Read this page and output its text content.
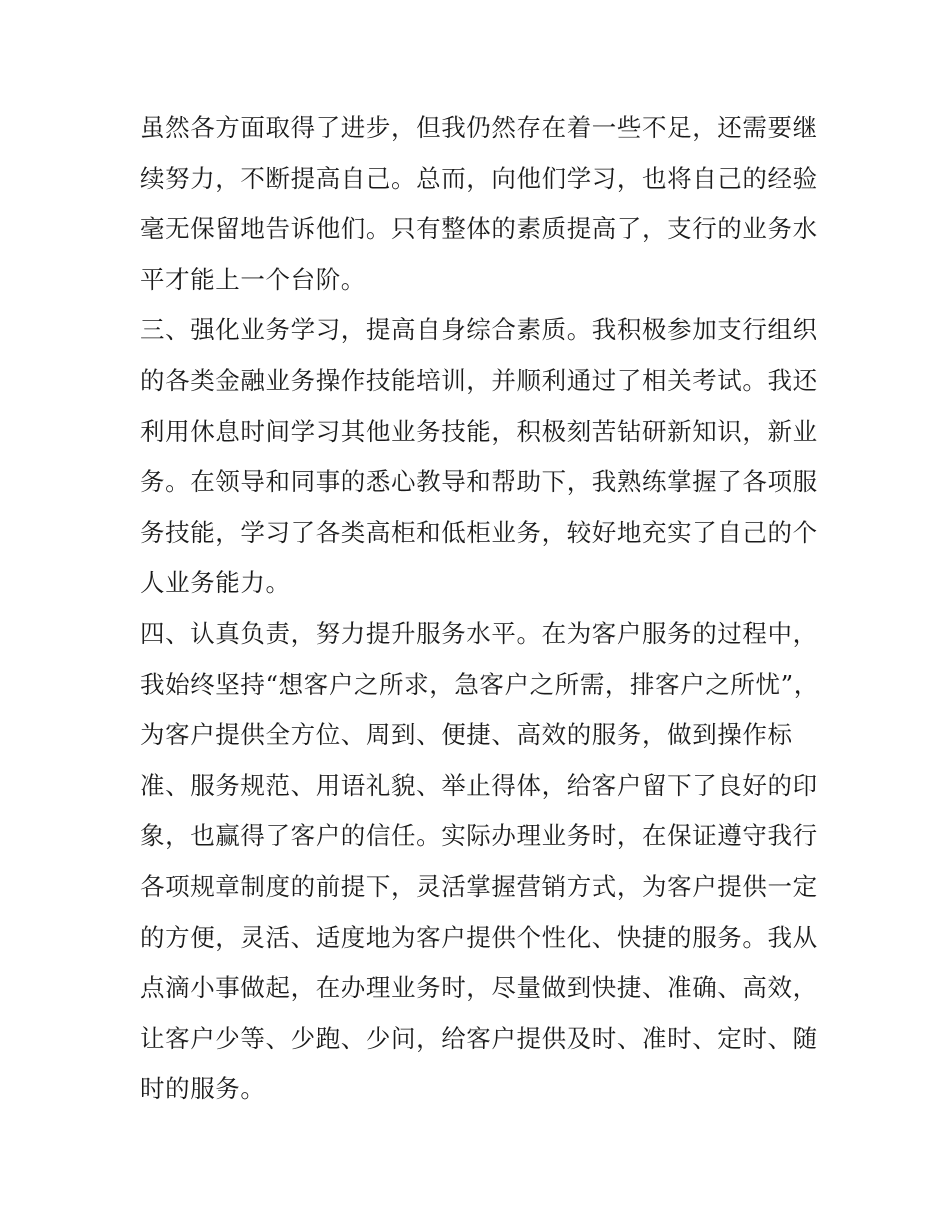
虽然各方面取得了进步，但我仍然存在着一些不足，还需要继
续努力，不断提高自己。总而，向他们学习，也将自己的经验
毫无保留地告诉他们。只有整体的素质提高了，支行的业务水
平才能上一个台阶。
三、强化业务学习，提高自身综合素质。我积极参加支行组织
的各类金融业务操作技能培训，并顺利通过了相关考试。我还
利用休息时间学习其他业务技能，积极刻苦钻研新知识，新业
务。在领导和同事的悉心教导和帮助下，我熟练掌握了各项服
务技能，学习了各类高柜和低柜业务，较好地充实了自己的个
人业务能力。
四、认真负责，努力提升服务水平。在为客户服务的过程中，
我始终坚持“想客户之所求，急客户之所需，排客户之所忧”，
为客户提供全方位、周到、便捷、高效的服务，做到操作标
准、服务规范、用语礼貌、举止得体，给客户留下了良好的印
象，也赢得了客户的信任。实际办理业务时，在保证遵守我行
各项规章制度的前提下，灵活掌握营销方式，为客户提供一定
的方便，灵活、适度地为客户提供个性化、快捷的服务。我从
点滴小事做起，在办理业务时，尽量做到快捷、准确、高效，
让客户少等、少跑、少问，给客户提供及时、准时、定时、随
时的服务。
